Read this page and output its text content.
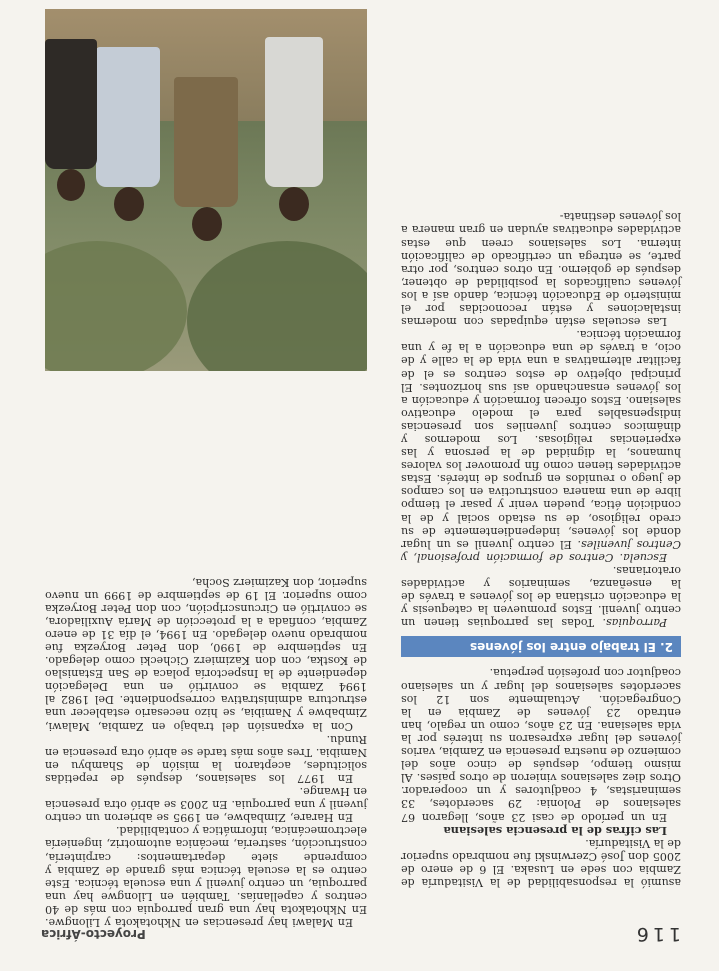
116
Proyecto-África

asumió la responsabilidad de la Visitaduría de Zambia con sede en Lusaka. El 6 de enero de 2005 don José Czerwinski fue nombrado superior de la Visitaduría.

Las cifras de la presencia salesiana

En un período de casi 23 años, llegaron 67 salesianos de Polonia: 29 sacerdotes, 33 seminaristas, 4 coadjutores y un cooperador. Otros diez salesianos vinieron de otros países. Al mismo tiempo, después de cinco años del comienzo de nuestra presencia en Zambia, varios jóvenes del lugar expresaron su interés por la vida salesiana. En 23 años, como un regalo, han entrado 23 jóvenes de Zambia en la Congregación. Actualmente son 12 los sacerdotes salesianos del lugar y un salesiano coadjutor con profesión perpetua.

2. El trabajo entre los jóvenes

Parroquias. Todas las parroquias tienen un centro juvenil. Estos promueven la catequesis y la educación cristiana de los jóvenes a través de la enseñanza, seminarios y actividades oratorianas.

Escuela. Centros de formación profesional, y Centros juveniles. El centro juvenil es un lugar donde los jóvenes, independientemente de su credo religioso, de su estado social y de la condición ética, pueden venir y pasar el tiempo libre de una manera constructiva en los campos de juego o reunidos en grupos de interés. Estas actividades tienen como fin promover los valores humanos, la dignidad de la persona y las experiencias religiosas. Los modernos y dinámicos centros juveniles son presencias indispensables para el modelo educativo salesiano. Estos ofrecen formación y educación a los jóvenes ensanchando así sus horizontes. El principal objetivo de estos centros es el de facilitar alternativas a una vida de la calle y de ocio, a través de una educación a la fe y una formación técnica.

Las escuelas están equipadas con modernas instalaciones y están reconocidas por el ministerio de Educación técnica, dando así a los jóvenes cualificados la posibilidad de obtener, después de gobierno. En otros centros, por otra parte, se entrega un certificado de calificación interna. Los salesianos creen que estas actividades educativas ayudan en gran manera a los jóvenes destinata-

En Malawi hay presencias en Nkhotakota y Lilongwe. En Nkhotakota hay una gran parroquia con más de 40 centros y capellanías. También en Lilongwe hay una parroquia, un centro juvenil y una escuela técnica. Este centro es la escuela técnica más grande de Zambia y comprende siete departamentos: carpintería, construcción, sastrería, mecánica automotriz, ingeniería electromecánica, informática y contabilidad.

En Harare, Zimbabwe, en 1995 se abrieron un centro juvenil y una parroquia. En 2003 se abrió otra presencia en Hwange.

En 1977 los salesianos, después de repetidas solicitudes, aceptaron la misión de Shambyu en Namibia. Tres años más tarde se abrió otra presencia en Rundu.

Con la expansión del trabajo en Zambia, Malawi, Zimbabwe y Namibia, se hizo necesario establecer una estructura administrativa correspondiente. Del 1982 al 1994 Zambia se convirtió en una Delegación dependiente de la Inspectoría polaca de San Estanislao de Kostka, con don Kazimierz Cichecki como delegado. En septiembre de 1990, don Peter Boryezka fue nombrado nuevo delegado. En 1994, el día 31 de enero Zambia, confiada a la protección de María Auxiliadora, se convirtió en Circunscripción, con don Peter Boryezka como superior. El 19 de septiembre de 1999 un nuevo superior, don Kazimierz Socha,
